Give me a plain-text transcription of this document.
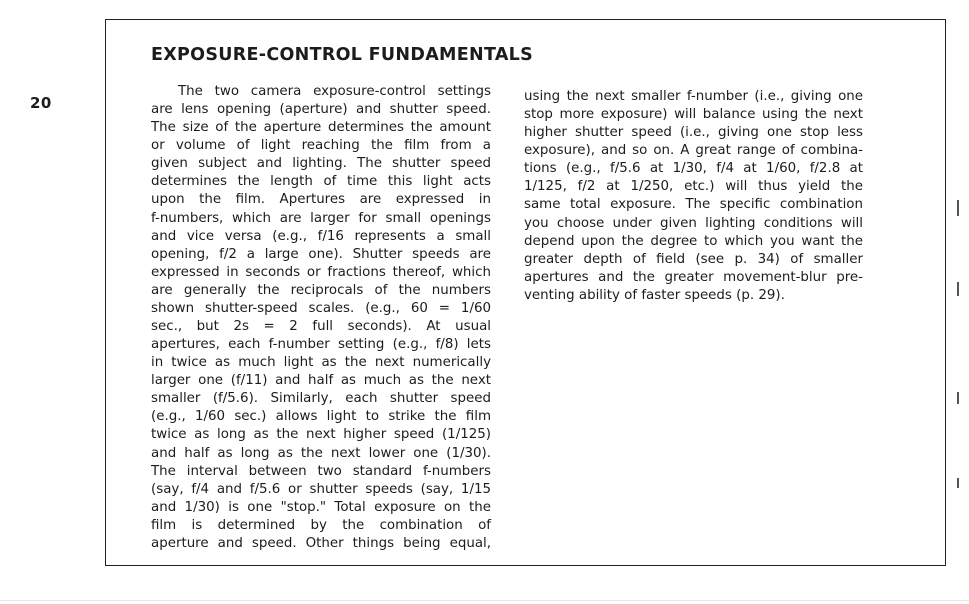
20
EXPOSURE-CONTROL FUNDAMENTALS
The two camera exposure-control settings
are lens opening (aperture) and shutter speed.
The size of the aperture determines the amount
or volume of light reaching the film from a
given subject and lighting. The shutter speed
determines the length of time this light acts
upon the film. Apertures are expressed in
f-numbers, which are larger for small openings
and vice versa (e.g., f/16 represents a small
opening, f/2 a large one). Shutter speeds are
expressed in seconds or fractions thereof, which
are generally the reciprocals of the numbers
shown shutter-speed scales. (e.g., 60 = 1/60
sec., but 2s = 2 full seconds). At usual
apertures, each f-number setting (e.g., f/8) lets
in twice as much light as the next numerically
larger one (f/11) and half as much as the next
smaller (f/5.6). Similarly, each shutter speed
(e.g., 1/60 sec.) allows light to strike the film
twice as long as the next higher speed (1/125)
and half as long as the next lower one (1/30).
The interval between two standard f-numbers
(say, f/4 and f/5.6 or shutter speeds (say, 1/15
and 1/30) is one "stop." Total exposure on the
film is determined by the combination of
aperture and speed. Other things being equal,
using the next smaller f-number (i.e., giving one
stop more exposure) will balance using the next
higher shutter speed (i.e., giving one stop less
exposure), and so on. A great range of combina-
tions (e.g., f/5.6 at 1/30, f/4 at 1/60, f/2.8 at
1/125, f/2 at 1/250, etc.) will thus yield the
same total exposure. The specific combination
you choose under given lighting conditions will
depend upon the degree to which you want the
greater depth of field (see p. 34) of smaller
apertures and the greater movement-blur pre-
venting ability of faster speeds (p. 29).
